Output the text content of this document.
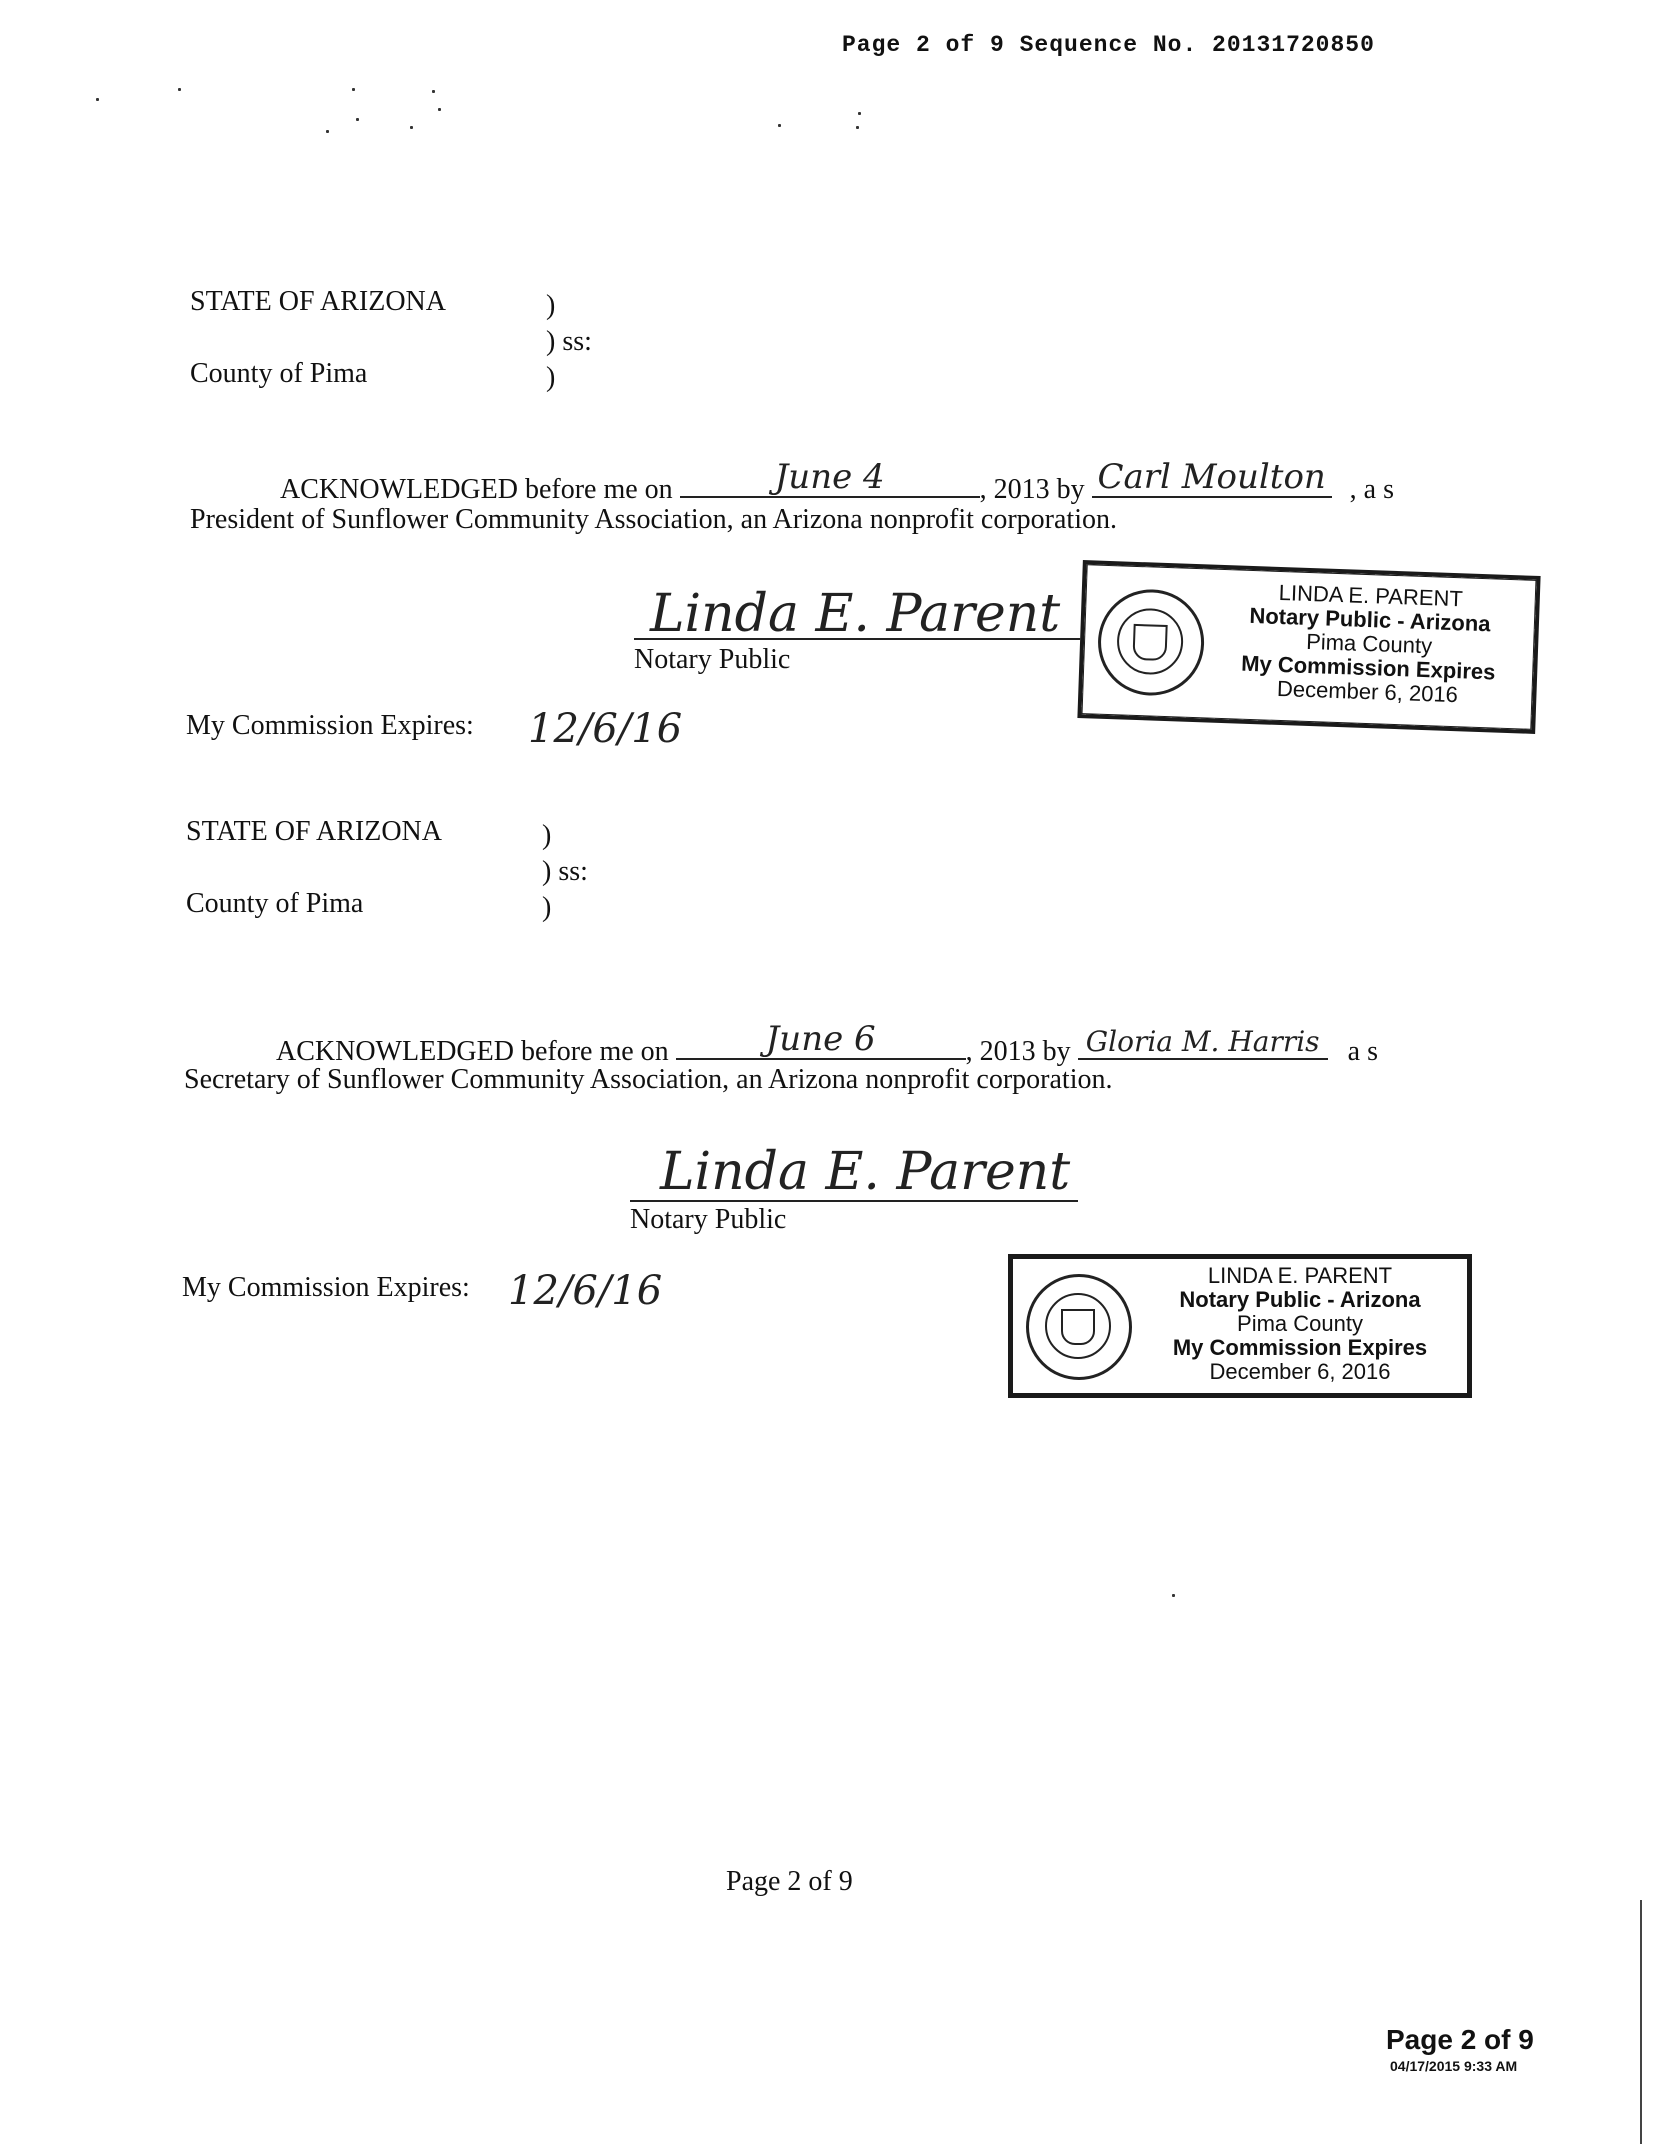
Page 2 of 9 Sequence No. 20131720850
STATE OF ARIZONA	)
) ss:
County of Pima	)
ACKNOWLEDGED before me on	June 4	, 2013 by Carl Moulton , a s
President of Sunflower Community Association, an Arizona nonprofit corporation.
Linda E. Parent
Notary Public
My Commission Expires: 12/6/16
LINDA E. PARENT
Notary Public - Arizona
Pima County
My Commission Expires
December 6, 2016
STATE OF ARIZONA	)
) ss:
County of Pima	)
ACKNOWLEDGED before me on	June 6	, 2013 by Gloria M. Harris a s
Secretary of Sunflower Community Association, an Arizona nonprofit corporation.
Linda E. Parent
Notary Public
My Commission Expires: 12/6/16	LINDA E. PARENT
Notary Public - Arizona
Pima County
My Commission Expires
December 6, 2016
Page 2 of 9
Page 2 of 9
04/17/2015 9:33 AM
